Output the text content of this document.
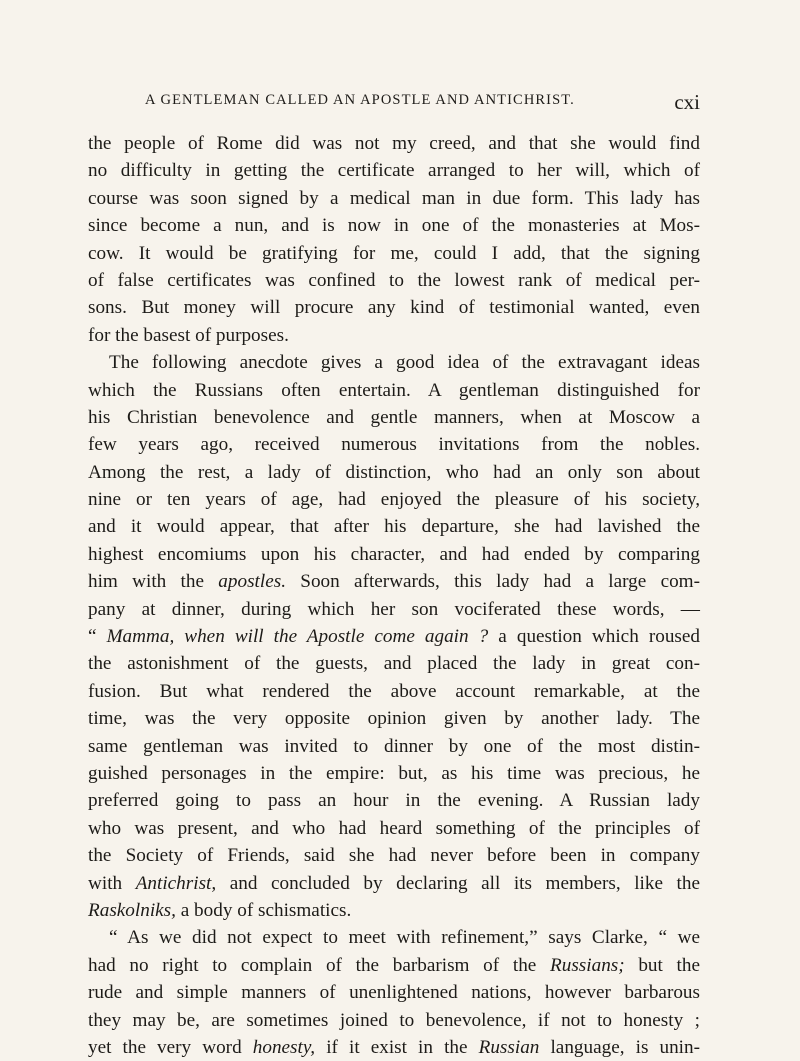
A GENTLEMAN CALLED AN APOSTLE AND ANTICHRIST.	cxi
the people of Rome did was not my creed, and that she would find
no difficulty in getting the certificate arranged to her will, which of
course was soon signed by a medical man in due form. This lady has
since become a nun, and is now in one of the monasteries at Mos-
cow. It would be gratifying for me, could I add, that the signing
of false certificates was confined to the lowest rank of medical per-
sons. But money will procure any kind of testimonial wanted, even
for the basest of purposes.
The following anecdote gives a good idea of the extravagant ideas
which the Russians often entertain. A gentleman distinguished for
his Christian benevolence and gentle manners, when at Moscow a
few years ago, received numerous invitations from the nobles.
Among the rest, a lady of distinction, who had an only son about
nine or ten years of age, had enjoyed the pleasure of his society,
and it would appear, that after his departure, she had lavished the
highest encomiums upon his character, and had ended by comparing
him with the apostles. Soon afterwards, this lady had a large com-
pany at dinner, during which her son vociferated these words, —
“ Mamma, when will the Apostle come again ? a question which roused
the astonishment of the guests, and placed the lady in great con-
fusion. But what rendered the above account remarkable, at the
time, was the very opposite opinion given by another lady. The
same gentleman was invited to dinner by one of the most distin-
guished personages in the empire: but, as his time was precious, he
preferred going to pass an hour in the evening. A Russian lady
who was present, and who had heard something of the principles of
the Society of Friends, said she had never before been in company
with Antichrist, and concluded by declaring all its members, like the
Raskolniks, a body of schismatics.
“ As we did not expect to meet with refinement,” says Clarke, “ we
had no right to complain of the barbarism of the Russians; but the
rude and simple manners of unenlightened nations, however barbarous
they may be, are sometimes joined to benevolence, if not to honesty ;
yet the very word honesty, if it exist in the Russian language, is unin-
